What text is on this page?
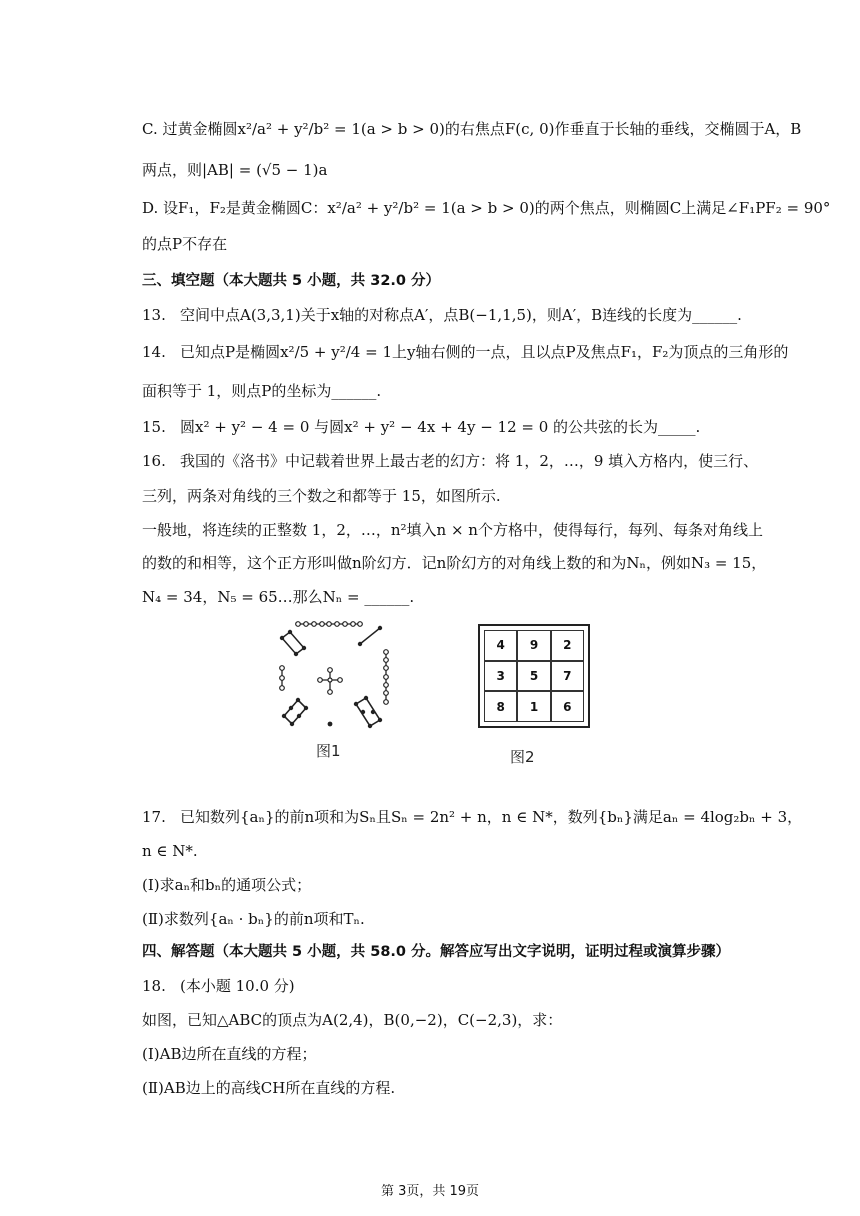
C. 过黄金椭圆x²/a² + y²/b² = 1(a > b > 0)的右焦点F(c, 0)作垂直于长轴的垂线，交椭圆于A，B
两点，则|AB| = (√5 − 1)a
D. 设F₁，F₂是黄金椭圆C：x²/a² + y²/b² = 1(a > b > 0)的两个焦点，则椭圆C上满足∠F₁PF₂ = 90°
的点P不存在
三、填空题（本大题共 5 小题，共 32.0 分）
13. 空间中点A(3,3,1)关于x轴的对称点A′，点B(−1,1,5)，则A′，B连线的长度为______.
14. 已知点P是椭圆x²/5 + y²/4 = 1上y轴右侧的一点，且以点P及焦点F₁，F₂为顶点的三角形的
面积等于 1，则点P的坐标为______.
15. 圆x² + y² − 4 = 0 与圆x² + y² − 4x + 4y − 12 = 0 的公共弦的长为_____.
16. 我国的《洛书》中记载着世界上最古老的幻方：将 1，2，…，9 填入方格内，使三行、
三列，两条对角线的三个数之和都等于 15，如图所示.
一般地，将连续的正整数 1，2，…，n²填入n × n个方格中，使得每行，每列、每条对角线上
的数的和相等，这个正方形叫做n阶幻方．记n阶幻方的对角线上数的和为Nₙ，例如N₃ = 15，
N₄ = 34，N₅ = 65…那么Nₙ = ______.
图1
4	9	2
3	5	7
8	1	6
图2
17. 已知数列{aₙ}的前n项和为Sₙ且Sₙ = 2n² + n，n ∈ N*，数列{bₙ}满足aₙ = 4log₂bₙ + 3，
n ∈ N*.
(Ⅰ)求aₙ和bₙ的通项公式；
(Ⅱ)求数列{aₙ · bₙ}的前n项和Tₙ.
四、解答题（本大题共 5 小题，共 58.0 分。解答应写出文字说明，证明过程或演算步骤）
18. (本小题 10.0 分)
如图，已知△ABC的顶点为A(2,4)，B(0,−2)，C(−2,3)，求：
(Ⅰ)AB边所在直线的方程；
(Ⅱ)AB边上的高线CH所在直线的方程.
第 3页，共 19页
